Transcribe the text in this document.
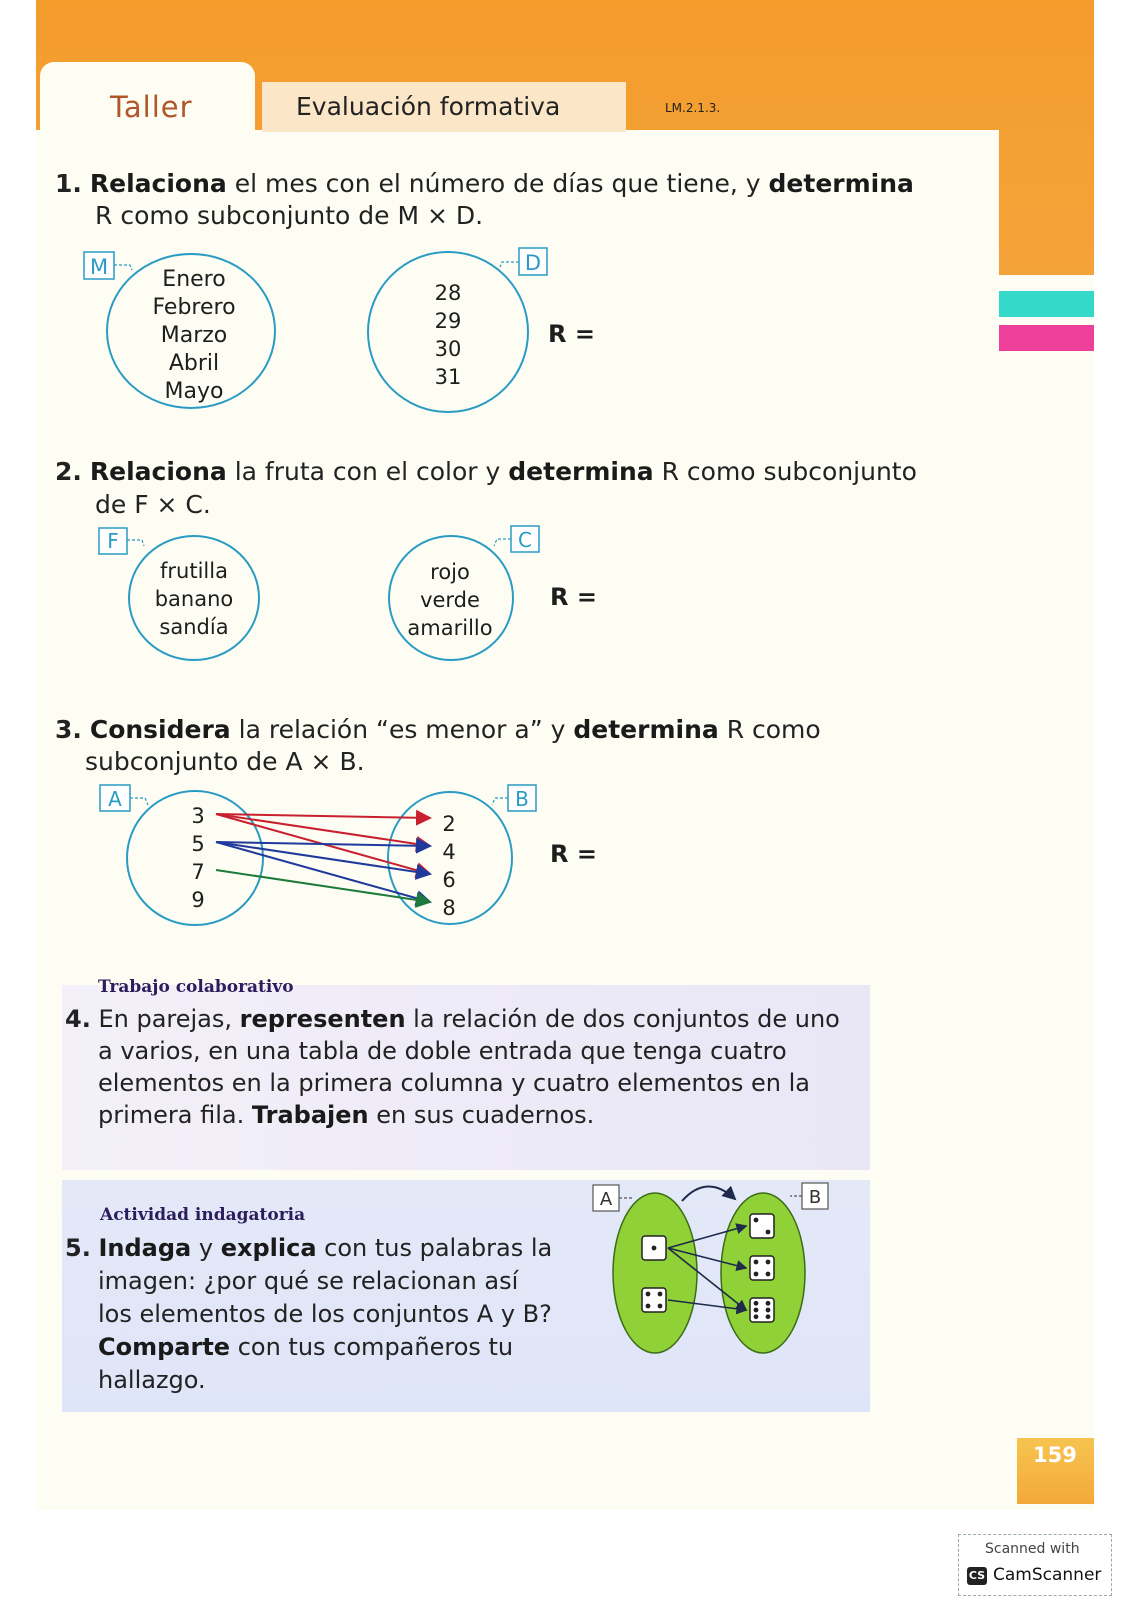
Taller	Evaluación formativa	LM.2.1.3.
1. Relaciona el mes con el número de días que tiene, y determina
R como subconjunto de M × D.
M	D
Enero
Febrero
Marzo
Abril
Mayo
28
29
30
31
R =
2. Relaciona la fruta con el color y determina R como subconjunto
de F × C.
F	C
frutilla
banano
sandía
rojo
verde
amarillo
R =
3. Considera la relación “es menor a” y determina R como
subconjunto de A × B.
A	B
3
5
7
9
2
4
6
8
R =
Trabajo colaborativo
4. En parejas, representen la relación de dos conjuntos de uno
a varios, en una tabla de doble entrada que tenga cuatro
elementos en la primera columna y cuatro elementos en la
primera fila. Trabajen en sus cuadernos.
Actividad indagatoria
5. Indaga y explica con tus palabras la
imagen: ¿por qué se relacionan así
los elementos de los conjuntos A y B?
Comparte con tus compañeros tu
hallazgo.
A	B
159
Scanned with
CS CamScanner
